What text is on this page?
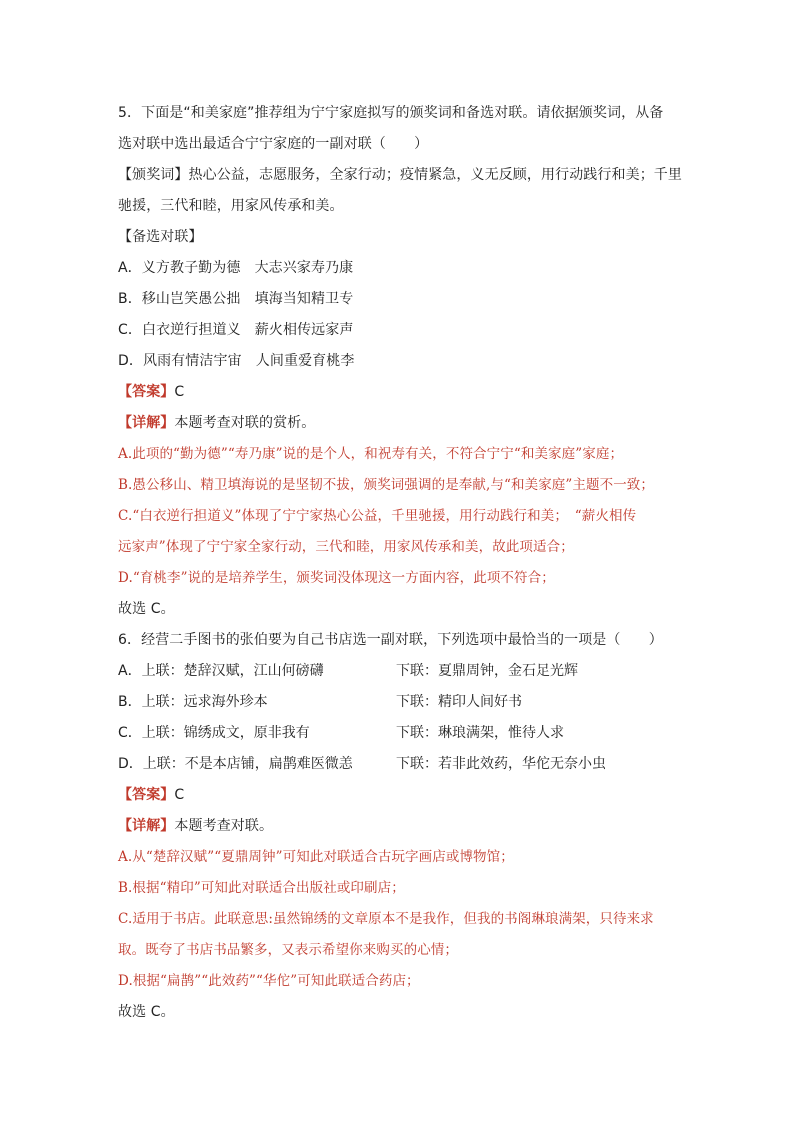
5．下面是“和美家庭”推荐组为宁宁家庭拟写的颁奖词和备选对联。请依据颁奖词，从备
选对联中选出最适合宁宁家庭的一副对联（　　）
【颁奖词】热心公益，志愿服务，全家行动；疫情紧急，义无反顾，用行动践行和美；千里
驰援，三代和睦，用家风传承和美。
【备选对联】
A．义方教子勤为德　大志兴家寿乃康
B．移山岂笑愚公拙　填海当知精卫专
C．白衣逆行担道义　薪火相传远家声
D．风雨有情洁宇宙　人间重爱育桃李
【答案】C
【详解】本题考查对联的赏析。
A.此项的“勤为德”“寿乃康”说的是个人，和祝寿有关，不符合宁宁“和美家庭”家庭；
B.愚公移山、精卫填海说的是坚韧不拔，颁奖词强调的是奉献,与“和美家庭”主题不一致；
C.“白衣逆行担道义”体现了宁宁家热心公益，千里驰援，用行动践行和美；　“薪火相传
远家声”体现了宁宁家全家行动，三代和睦，用家风传承和美，故此项适合；
D.“育桃李”说的是培养学生，颁奖词没体现这一方面内容，此项不符合；
故选 C。
6．经营二手图书的张伯要为自己书店选一副对联，下列选项中最恰当的一项是（　　）
A．上联：楚辞汉赋，江山何磅礴	下联：夏鼎周钟，金石足光辉
B．上联：远求海外珍本	下联：精印人间好书
C．上联：锦绣成文，原非我有	下联：琳琅满架，惟待人求
D．上联：不是本店铺，扁鹊难医微恙	下联：若非此效药，华佗无奈小虫
【答案】C
【详解】本题考查对联。
A.从“楚辞汉赋”“夏鼎周钟”可知此对联适合古玩字画店或博物馆；
B.根据“精印”可知此对联适合出版社或印刷店；
C.适用于书店。此联意思:虽然锦绣的文章原本不是我作，但我的书阁琳琅满架，只待来求
取。既夸了书店书品繁多，又表示希望你来购买的心情；
D.根据“扁鹊”“此效药”“华佗”可知此联适合药店；
故选 C。
